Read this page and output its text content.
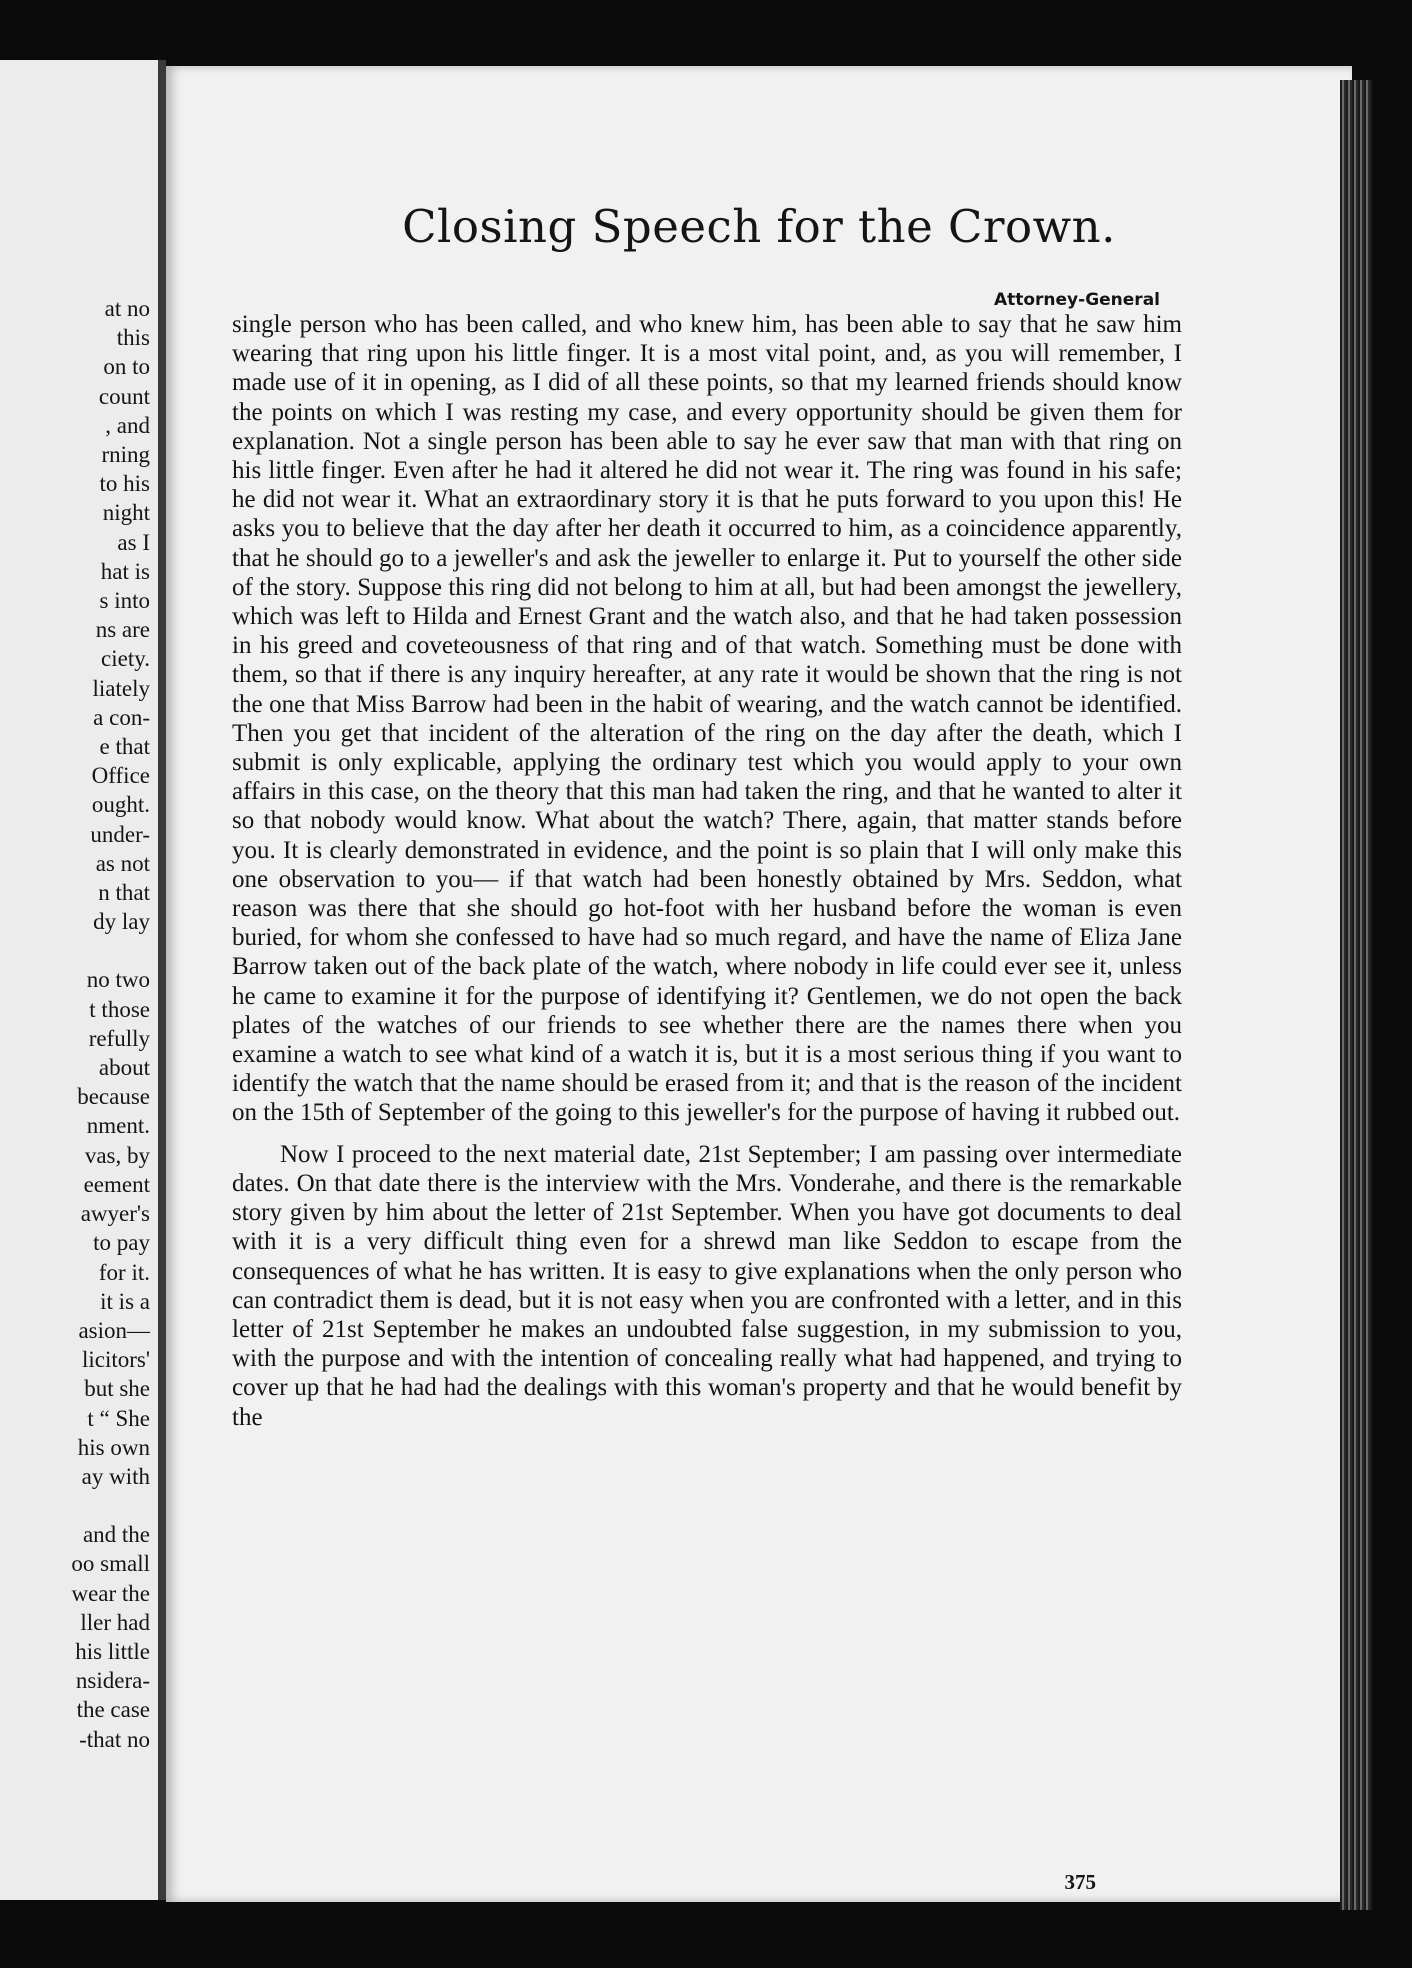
at no
this
on to
count
, and
rning
to his
night
as I
hat is
s into
ns are
ciety.
liately
a con-
e that
Office
ought.
under-
as not
n that
dy lay
no two
t those
refully
about
because
nment.
vas, by
eement
awyer's
to pay
for it.
it is a
asion—
licitors'
but she
t “ She
his own
ay with
and the
oo small
wear the
ller had
his little
nsidera-
the case
-that no
Closing Speech for the Crown.
Attorney-General

single person who has been called, and who knew him, has been able to say that he saw him wearing that ring upon his little finger. It is a most vital point, and, as you will remember, I made use of it in opening, as I did of all these points, so that my learned friends should know the points on which I was resting my case, and every opportunity should be given them for explanation. Not a single person has been able to say he ever saw that man with that ring on his little finger. Even after he had it altered he did not wear it. The ring was found in his safe; he did not wear it. What an extraordinary story it is that he puts forward to you upon this! He asks you to believe that the day after her death it occurred to him, as a coincidence apparently, that he should go to a jeweller's and ask the jeweller to enlarge it. Put to yourself the other side of the story. Suppose this ring did not belong to him at all, but had been amongst the jewellery, which was left to Hilda and Ernest Grant and the watch also, and that he had taken possession in his greed and coveteousness of that ring and of that watch. Something must be done with them, so that if there is any inquiry hereafter, at any rate it would be shown that the ring is not the one that Miss Barrow had been in the habit of wearing, and the watch cannot be identified. Then you get that incident of the alteration of the ring on the day after the death, which I submit is only explicable, applying the ordinary test which you would apply to your own affairs in this case, on the theory that this man had taken the ring, and that he wanted to alter it so that nobody would know. What about the watch? There, again, that matter stands before you. It is clearly demonstrated in evidence, and the point is so plain that I will only make this one observation to you— if that watch had been honestly obtained by Mrs. Seddon, what reason was there that she should go hot-foot with her husband before the woman is even buried, for whom she confessed to have had so much regard, and have the name of Eliza Jane Barrow taken out of the back plate of the watch, where nobody in life could ever see it, unless he came to examine it for the purpose of identifying it? Gentlemen, we do not open the back plates of the watches of our friends to see whether there are the names there when you examine a watch to see what kind of a watch it is, but it is a most serious thing if you want to identify the watch that the name should be erased from it; and that is the reason of the incident on the 15th of September of the going to this jeweller's for the purpose of having it rubbed out.

Now I proceed to the next material date, 21st September; I am passing over intermediate dates. On that date there is the interview with the Mrs. Vonderahe, and there is the remarkable story given by him about the letter of 21st September. When you have got documents to deal with it is a very difficult thing even for a shrewd man like Seddon to escape from the consequences of what he has written. It is easy to give explanations when the only person who can contradict them is dead, but it is not easy when you are confronted with a letter, and in this letter of 21st September he makes an undoubted false suggestion, in my submission to you, with the purpose and with the intention of concealing really what had happened, and trying to cover up that he had had the dealings with this woman's property and that he would benefit by the

375
